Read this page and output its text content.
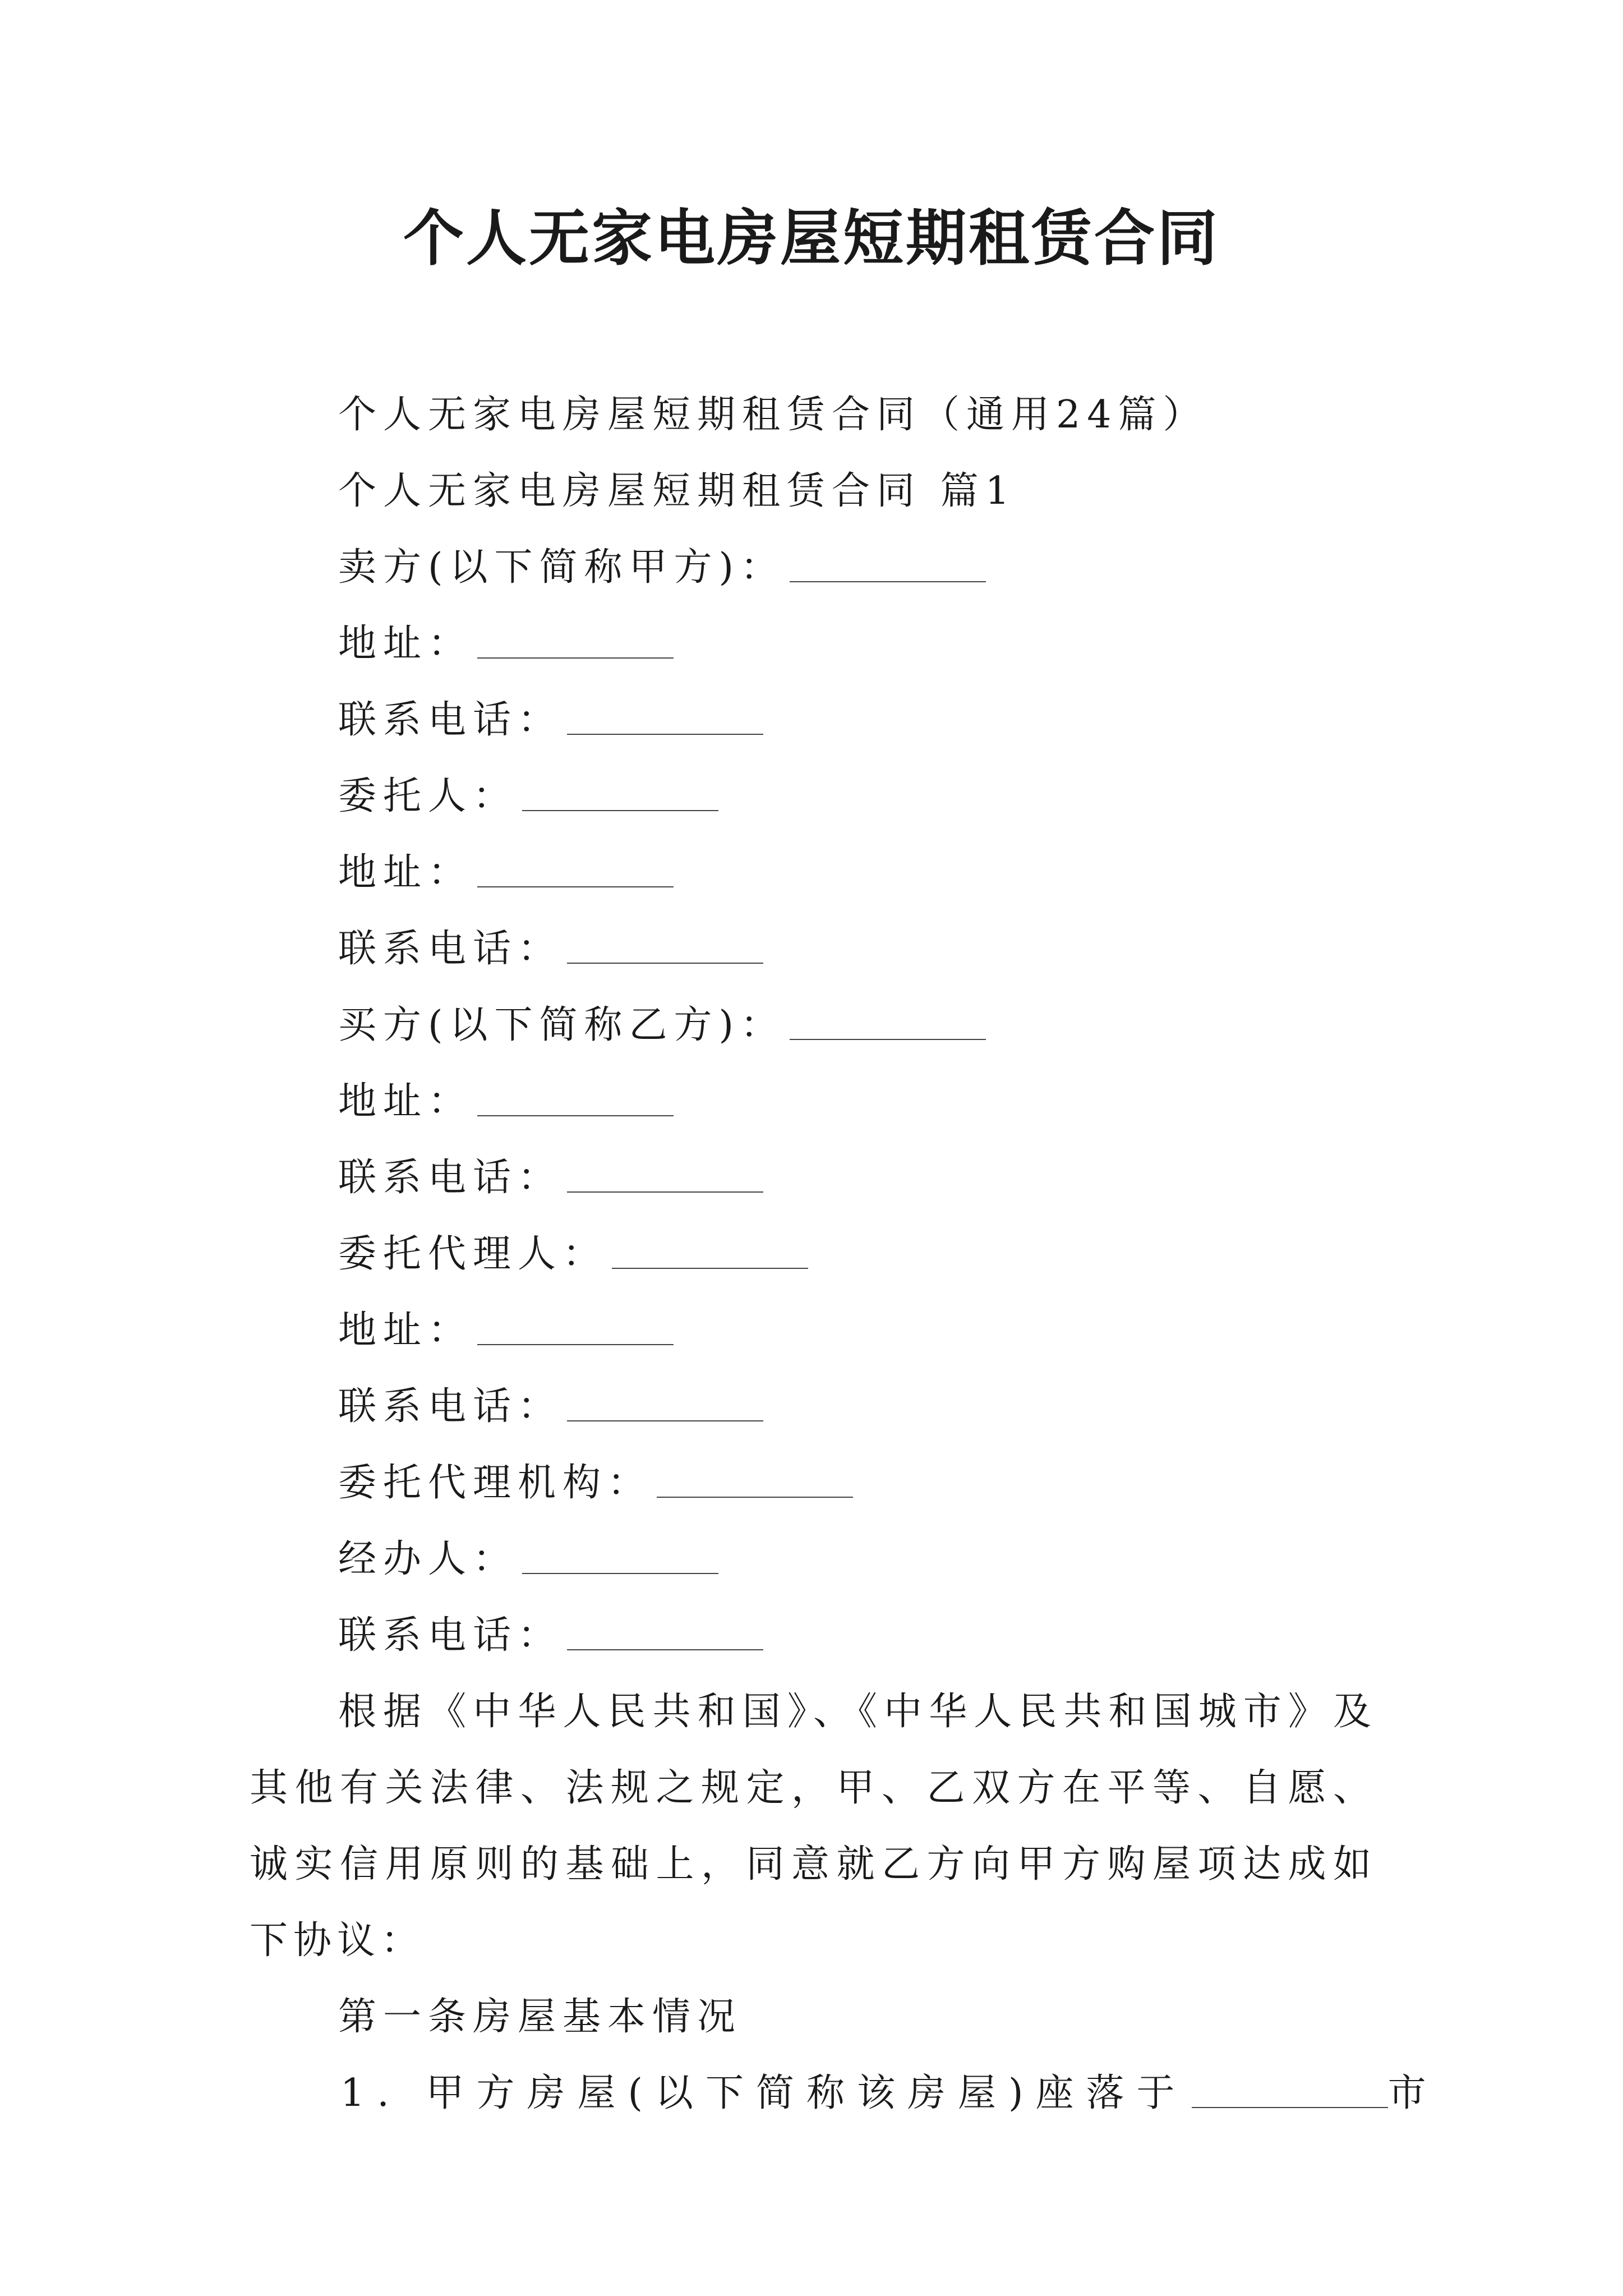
个人无家电房屋短期租赁合同
个人无家电房屋短期租赁合同（通用24篇）
个人无家电房屋短期租赁合同 篇1
卖方(以下简称甲方)：
地址：
联系电话：
委托人：
地址：
联系电话：
买方(以下简称乙方)：
地址：
联系电话：
委托代理人：
地址：
联系电话：
委托代理机构：
经办人：
联系电话：
根据《中华人民共和国》、《中华人民共和国城市》及其他有关法律、法规之规定，甲、乙双方在平等、自愿、诚实信用原则的基础上，同意就乙方向甲方购屋项达成如下协议：
第一条房屋基本情况
1. 甲方房屋(以下简称该房屋)座落于	市
